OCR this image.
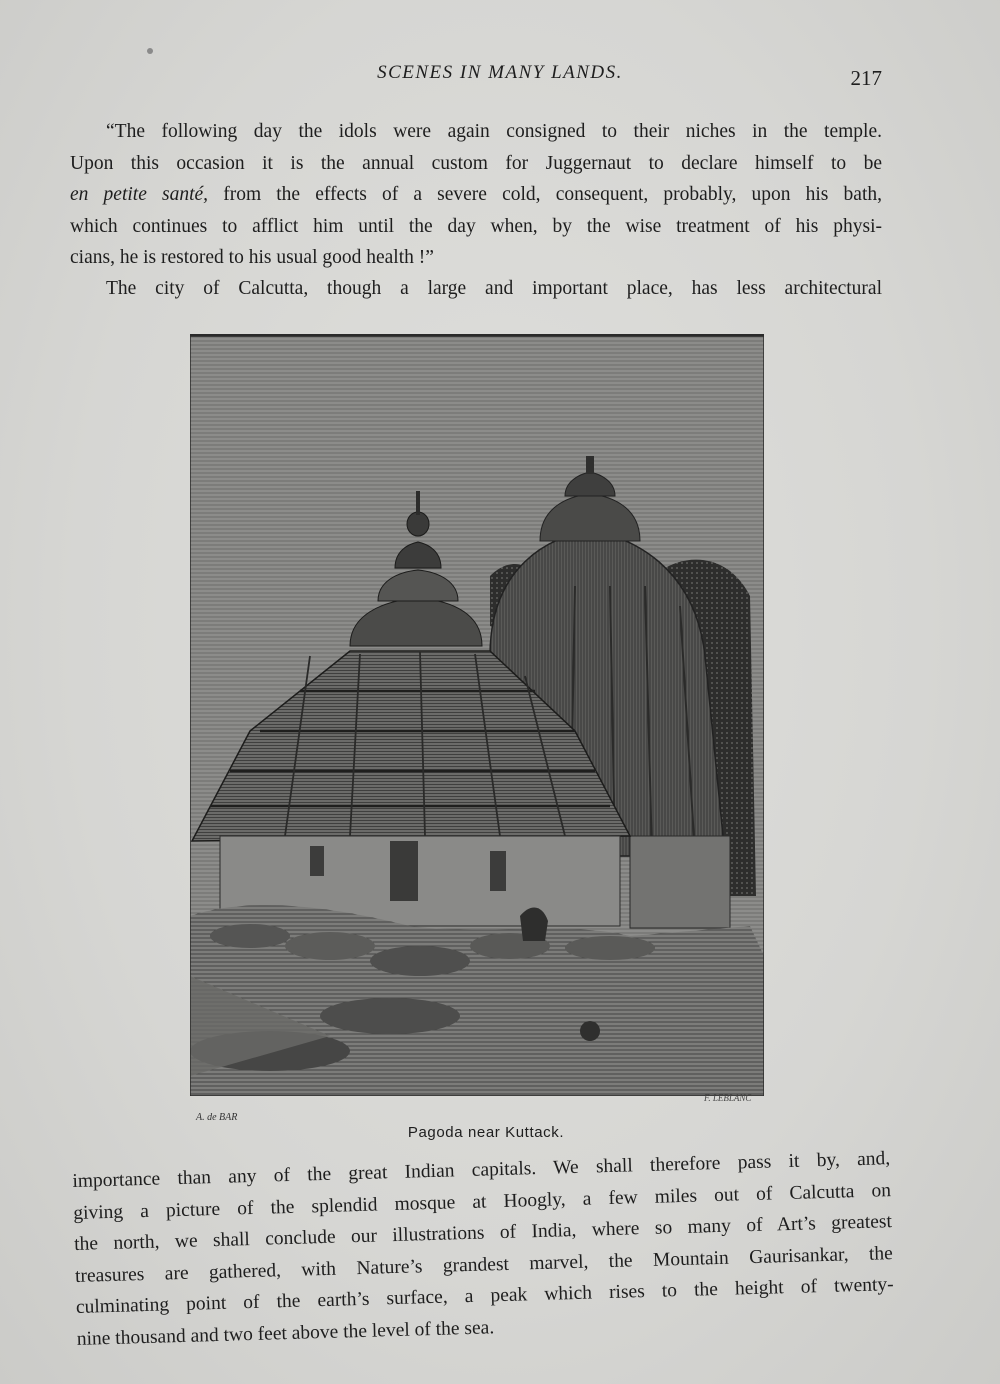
SCENES IN MANY LANDS.	217

“The following day the idols were again consigned to their niches in the temple.
Upon this occasion it is the annual custom for Juggernaut to declare himself to be
en petite santé, from the effects of a severe cold, consequent, probably, upon his bath,
which continues to afflict him until the day when, by the wise treatment of his physi-
cians, he is restored to his usual good health !”

The city of Calcutta, though a large and important place, has less architectural

A. de BAR
F. LEBLANC
Pagoda near Kuttack.

importance than any of the great Indian capitals. We shall therefore pass it by, and,
giving a picture of the splendid mosque at Hoogly, a few miles out of Calcutta on
the north, we shall conclude our illustrations of India, where so many of Art’s greatest
treasures are gathered, with Nature’s grandest marvel, the Mountain Gaurisankar, the
culminating point of the earth’s surface, a peak which rises to the height of twenty-
nine thousand and two feet above the level of the sea.
